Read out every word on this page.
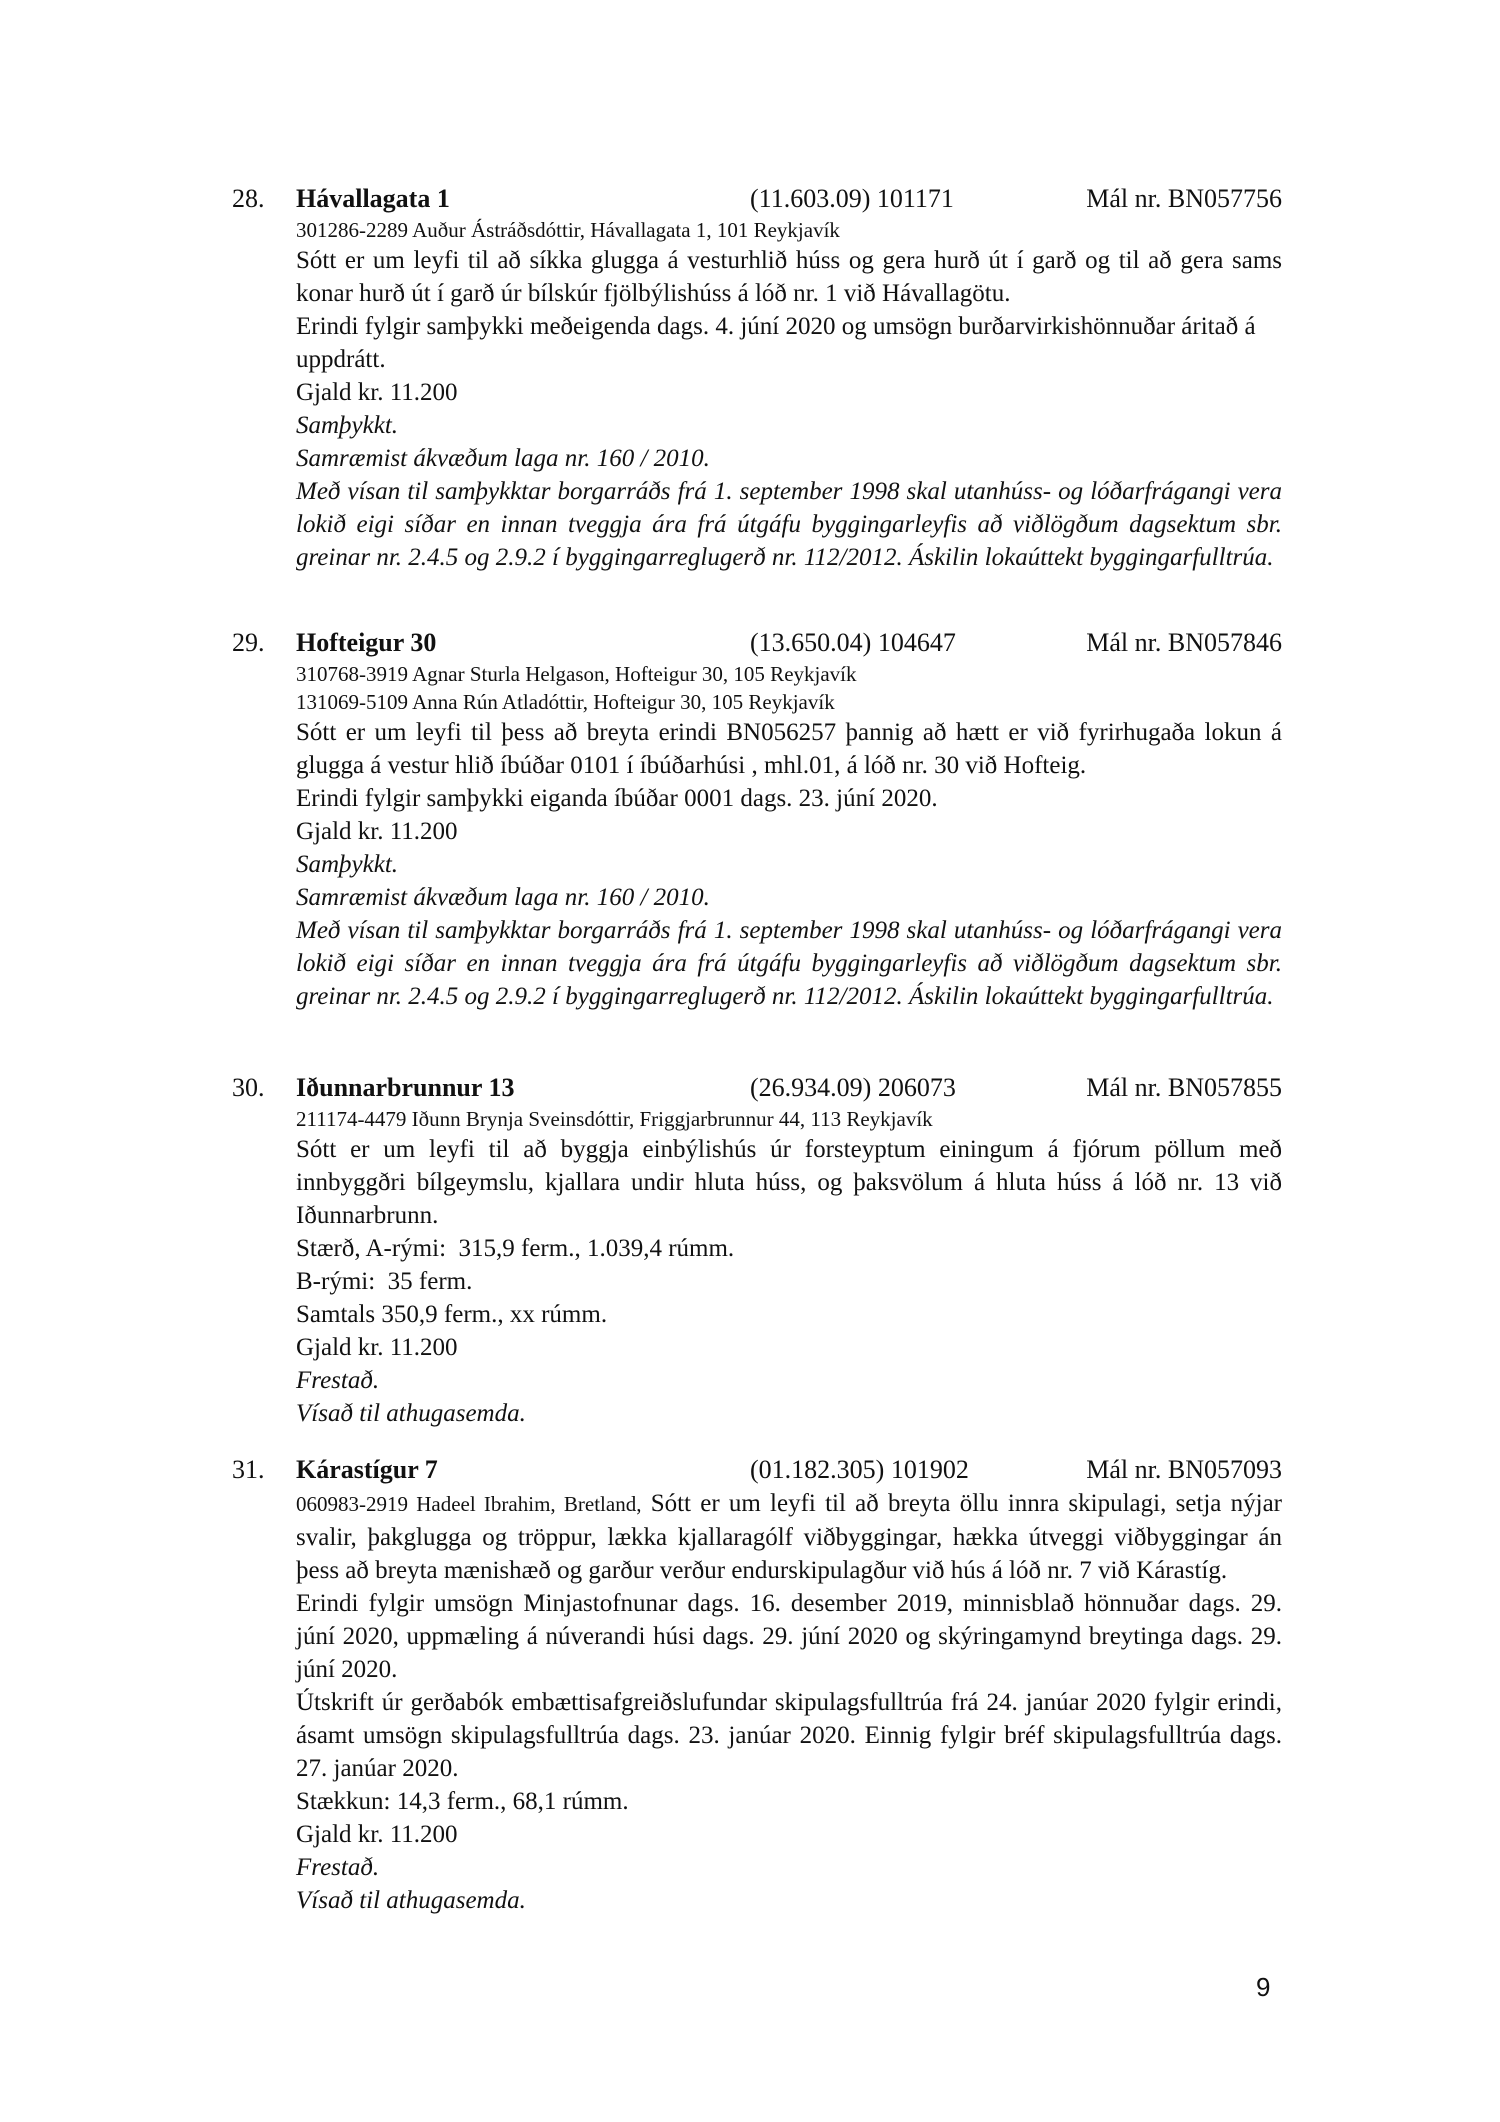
28. Hávallagata 1	(11.603.09) 101171	Mál nr. BN057756
301286-2289 Auður Ástráðsdóttir, Hávallagata 1, 101 Reykjavík
Sótt er um leyfi til að síkka glugga á vesturhlið húss og gera hurð út í garð og til að gera sams konar hurð út í garð úr bílskúr fjölbýlishúss á lóð nr. 1 við Hávallagötu.
Erindi fylgir samþykki meðeigenda dags. 4. júní 2020 og umsögn burðarvirkishönnuðar áritað á uppdrátt.
Gjald kr. 11.200
Samþykkt.
Samræmist ákvæðum laga nr. 160 / 2010.
Með vísan til samþykktar borgarráðs frá 1. september 1998 skal utanhúss- og lóðarfrágangi vera lokið eigi síðar en innan tveggja ára frá útgáfu byggingarleyfis að viðlögðum dagsektum sbr. greinar nr. 2.4.5 og 2.9.2 í byggingarreglugerð nr. 112/2012. Áskilin lokaúttekt byggingarfulltrúa.
29. Hofteigur 30	(13.650.04) 104647	Mál nr. BN057846
310768-3919 Agnar Sturla Helgason, Hofteigur 30, 105 Reykjavík
131069-5109 Anna Rún Atladóttir, Hofteigur 30, 105 Reykjavík
Sótt er um leyfi til þess að breyta erindi BN056257 þannig að hætt er við fyrirhugaða lokun á glugga á vestur hlið íbúðar 0101 í íbúðarhúsi , mhl.01, á lóð nr. 30 við Hofteig.
Erindi fylgir samþykki eiganda íbúðar 0001 dags. 23. júní 2020.
Gjald kr. 11.200
Samþykkt.
Samræmist ákvæðum laga nr. 160 / 2010.
Með vísan til samþykktar borgarráðs frá 1. september 1998 skal utanhúss- og lóðarfrágangi vera lokið eigi síðar en innan tveggja ára frá útgáfu byggingarleyfis að viðlögðum dagsektum sbr. greinar nr. 2.4.5 og 2.9.2 í byggingarreglugerð nr. 112/2012. Áskilin lokaúttekt byggingarfulltrúa.
30. Iðunnarbrunnur 13	(26.934.09) 206073	Mál nr. BN057855
211174-4479 Iðunn Brynja Sveinsdóttir, Friggjarbrunnur 44, 113 Reykjavík
Sótt er um leyfi til að byggja einbýlishús úr forsteyptum einingum á fjórum pöllum með innbyggðri bílgeymslu, kjallara undir hluta húss, og þaksvölum á hluta húss á lóð nr. 13 við Iðunnarbrunn.
Stærð, A-rými:  315,9 ferm., 1.039,4 rúmm.
B-rými:  35 ferm.
Samtals 350,9 ferm., xx rúmm.
Gjald kr. 11.200
Frestað.
Vísað til athugasemda.
31. Kárastígur 7	(01.182.305) 101902	Mál nr. BN057093
060983-2919 Hadeel Ibrahim, Bretland, Sótt er um leyfi til að breyta öllu innra skipulagi, setja nýjar svalir, þakglugga og tröppur, lækka kjallaragólf viðbyggingar, hækka útveggi viðbyggingar án þess að breyta mænishæð og garður verður endurskipulagður við hús á lóð nr. 7 við Kárastíg.
Erindi fylgir umsögn Minjastofnunar dags. 16. desember 2019, minnisblað hönnuðar dags. 29. júní 2020, uppmæling á núverandi húsi dags. 29. júní 2020 og skýringamynd breytinga dags. 29. júní 2020.
Útskrift úr gerðabók embættisafgreiðslufundar skipulagsfulltrúa frá 24. janúar 2020 fylgir erindi, ásamt umsögn skipulagsfulltrúa dags. 23. janúar 2020. Einnig fylgir bréf skipulagsfulltrúa dags. 27. janúar 2020.
Stækkun: 14,3 ferm., 68,1 rúmm.
Gjald kr. 11.200
Frestað.
Vísað til athugasemda.
9
